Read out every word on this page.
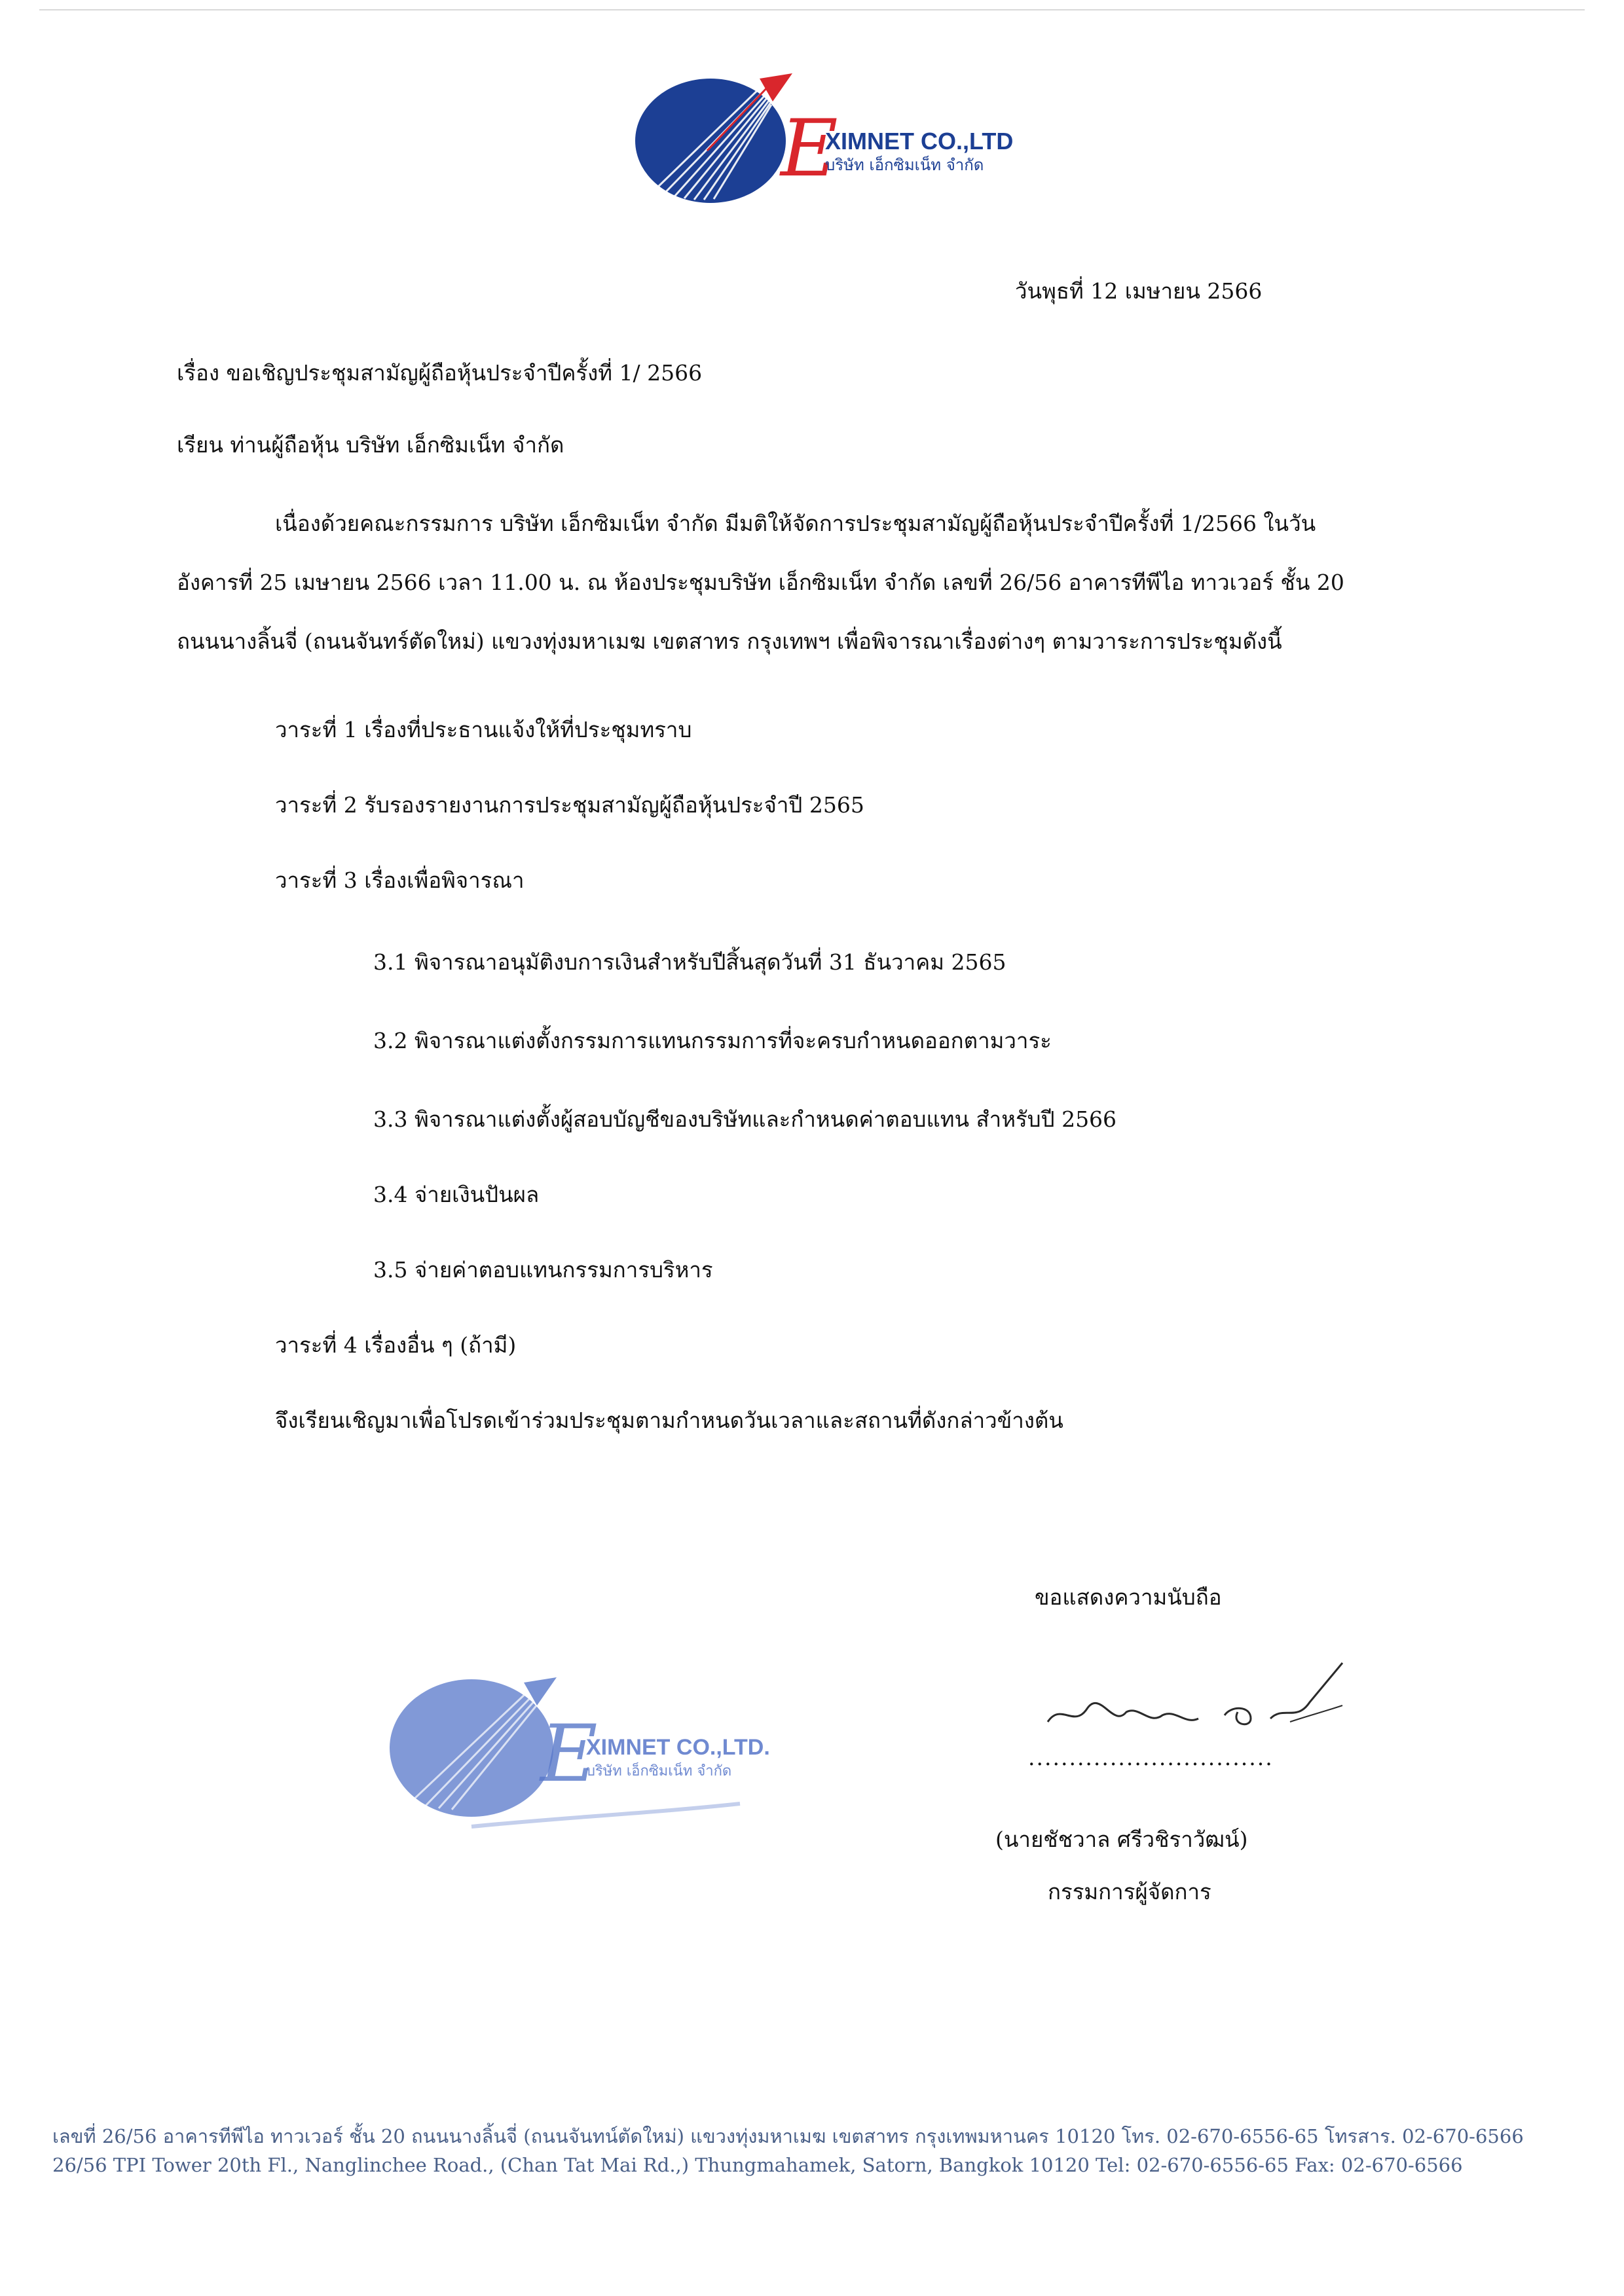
E
XIMNET CO.,LTD
บริษัท เอ็กซิมเน็ท จำกัด
วันพุธที่ 12 เมษายน 2566
เรื่อง ขอเชิญประชุมสามัญผู้ถือหุ้นประจำปีครั้งที่ 1/ 2566
เรียน ท่านผู้ถือหุ้น บริษัท เอ็กซิมเน็ท จำกัด
เนื่องด้วยคณะกรรมการ บริษัท เอ็กซิมเน็ท จำกัด มีมติให้จัดการประชุมสามัญผู้ถือหุ้นประจำปีครั้งที่ 1/2566 ในวัน
อังคารที่ 25 เมษายน 2566 เวลา 11.00 น. ณ ห้องประชุมบริษัท เอ็กซิมเน็ท จำกัด เลขที่ 26/56 อาคารทีพีไอ ทาวเวอร์ ชั้น 20
ถนนนางลิ้นจี่ (ถนนจันทร์ตัดใหม่) แขวงทุ่งมหาเมฆ เขตสาทร กรุงเทพฯ เพื่อพิจารณาเรื่องต่างๆ ตามวาระการประชุมดังนี้
วาระที่ 1 เรื่องที่ประธานแจ้งให้ที่ประชุมทราบ
วาระที่ 2 รับรองรายงานการประชุมสามัญผู้ถือหุ้นประจำปี 2565
วาระที่ 3 เรื่องเพื่อพิจารณา
3.1 พิจารณาอนุมัติงบการเงินสำหรับปีสิ้นสุดวันที่ 31 ธันวาคม 2565
3.2 พิจารณาแต่งตั้งกรรมการแทนกรรมการที่จะครบกำหนดออกตามวาระ
3.3 พิจารณาแต่งตั้งผู้สอบบัญชีของบริษัทและกำหนดค่าตอบแทน สำหรับปี 2566
3.4 จ่ายเงินปันผล
3.5 จ่ายค่าตอบแทนกรรมการบริหาร
วาระที่ 4 เรื่องอื่น ๆ (ถ้ามี)
จึงเรียนเชิญมาเพื่อโปรดเข้าร่วมประชุมตามกำหนดวันเวลาและสถานที่ดังกล่าวข้างต้น
ขอแสดงความนับถือ
..............................
(นายชัชวาล ศรีวชิราวัฒน์)
กรรมการผู้จัดการ
E
XIMNET CO.,LTD.
บริษัท เอ็กซิมเน็ท จำกัด
เลขที่ 26/56 อาคารทีพีไอ ทาวเวอร์ ชั้น 20 ถนนนางลิ้นจี่ (ถนนจันทน์ตัดใหม่) แขวงทุ่งมหาเมฆ เขตสาทร กรุงเทพมหานคร 10120 โทร. 02-670-6556-65 โทรสาร. 02-670-6566
26/56 TPI Tower 20th Fl., Nanglinchee Road., (Chan Tat Mai Rd.,) Thungmahamek, Satorn, Bangkok 10120 Tel: 02-670-6556-65 Fax: 02-670-6566
